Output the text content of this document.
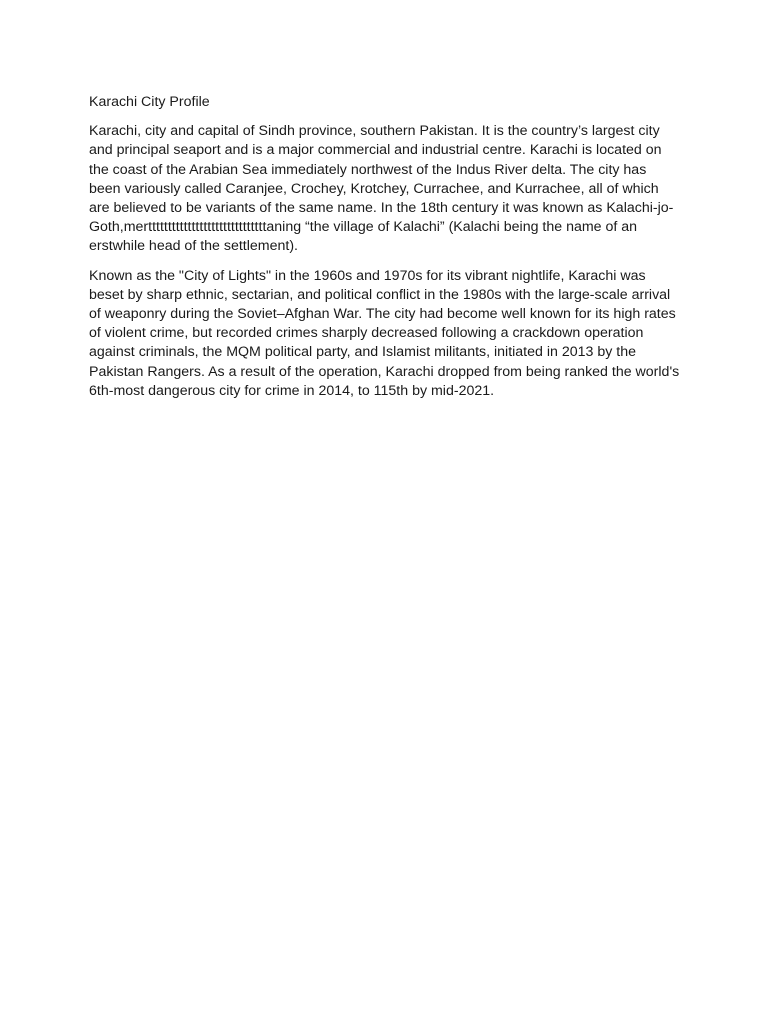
Karachi City Profile

Karachi, city and capital of Sindh province, southern Pakistan. It is the country’s largest city and principal seaport and is a major commercial and industrial centre. Karachi is located on the coast of the Arabian Sea immediately northwest of the Indus River delta. The city has been variously called Caranjee, Crochey, Krotchey, Currachee, and Kurrachee, all of which are believed to be variants of the same name. In the 18th century it was known as Kalachi-jo-Goth,merttttttttttttttttttttttttttttttaning “the village of Kalachi” (Kalachi being the name of an erstwhile head of the settlement).

Known as the "City of Lights" in the 1960s and 1970s for its vibrant nightlife, Karachi was beset by sharp ethnic, sectarian, and political conflict in the 1980s with the large-scale arrival of weaponry during the Soviet–Afghan War. The city had become well known for its high rates of violent crime, but recorded crimes sharply decreased following a crackdown operation against criminals, the MQM political party, and Islamist militants, initiated in 2013 by the Pakistan Rangers. As a result of the operation, Karachi dropped from being ranked the world's 6th-most dangerous city for crime in 2014, to 115th by mid-2021.
